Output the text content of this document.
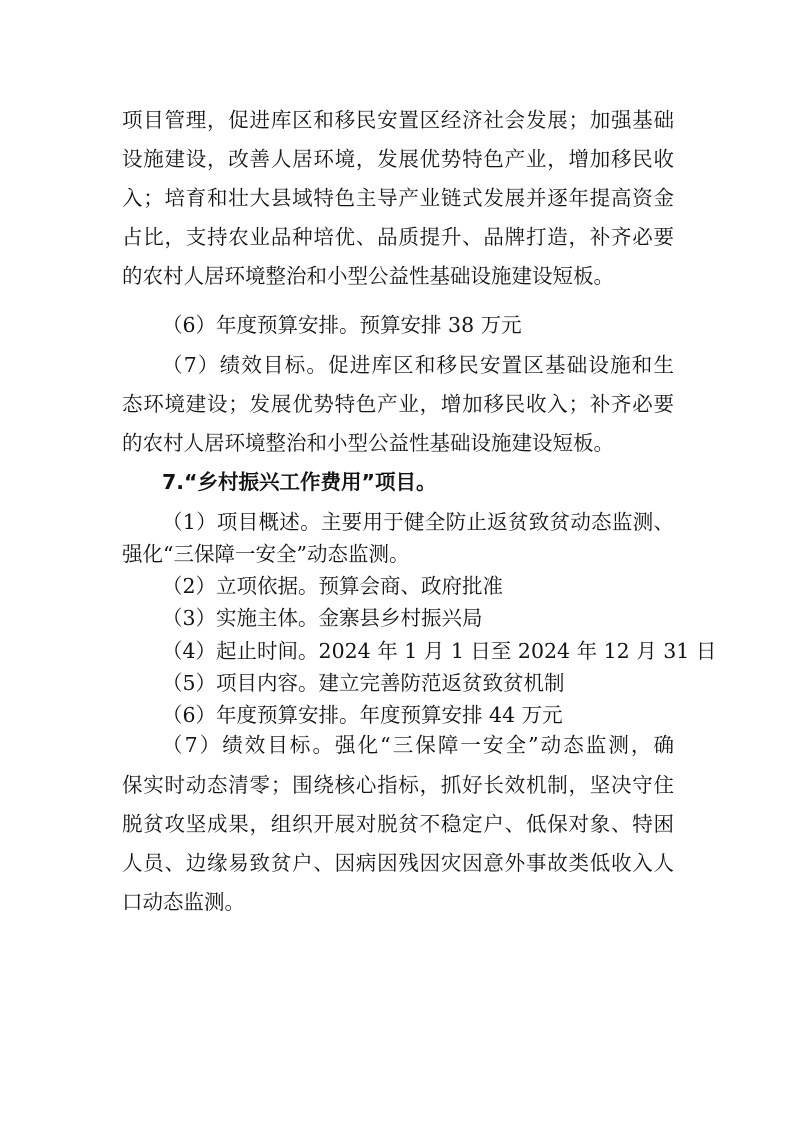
项目管理，促进库区和移民安置区经济社会发展；加强基础
设施建设，改善人居环境，发展优势特色产业，增加移民收
入；培育和壮大县域特色主导产业链式发展并逐年提高资金
占比，支持农业品种培优、品质提升、品牌打造，补齐必要
的农村人居环境整治和小型公益性基础设施建设短板。
（6）年度预算安排。预算安排 38 万元
（7）绩效目标。促进库区和移民安置区基础设施和生
态环境建设；发展优势特色产业，增加移民收入；补齐必要
的农村人居环境整治和小型公益性基础设施建设短板。
7.“乡村振兴工作费用”项目。
（1）项目概述。主要用于健全防止返贫致贫动态监测、
强化“三保障一安全”动态监测。
（2）立项依据。预算会商、政府批准
（3）实施主体。金寨县乡村振兴局
（4）起止时间。2024 年 1 月 1 日至 2024 年 12 月 31 日
（5）项目内容。建立完善防范返贫致贫机制
（6）年度预算安排。年度预算安排 44 万元
（7）绩效目标。强化“三保障一安全”动态监测，确
保实时动态清零；围绕核心指标，抓好长效机制，坚决守住
脱贫攻坚成果，组织开展对脱贫不稳定户、低保对象、特困
人员、边缘易致贫户、因病因残因灾因意外事故类低收入人
口动态监测。
